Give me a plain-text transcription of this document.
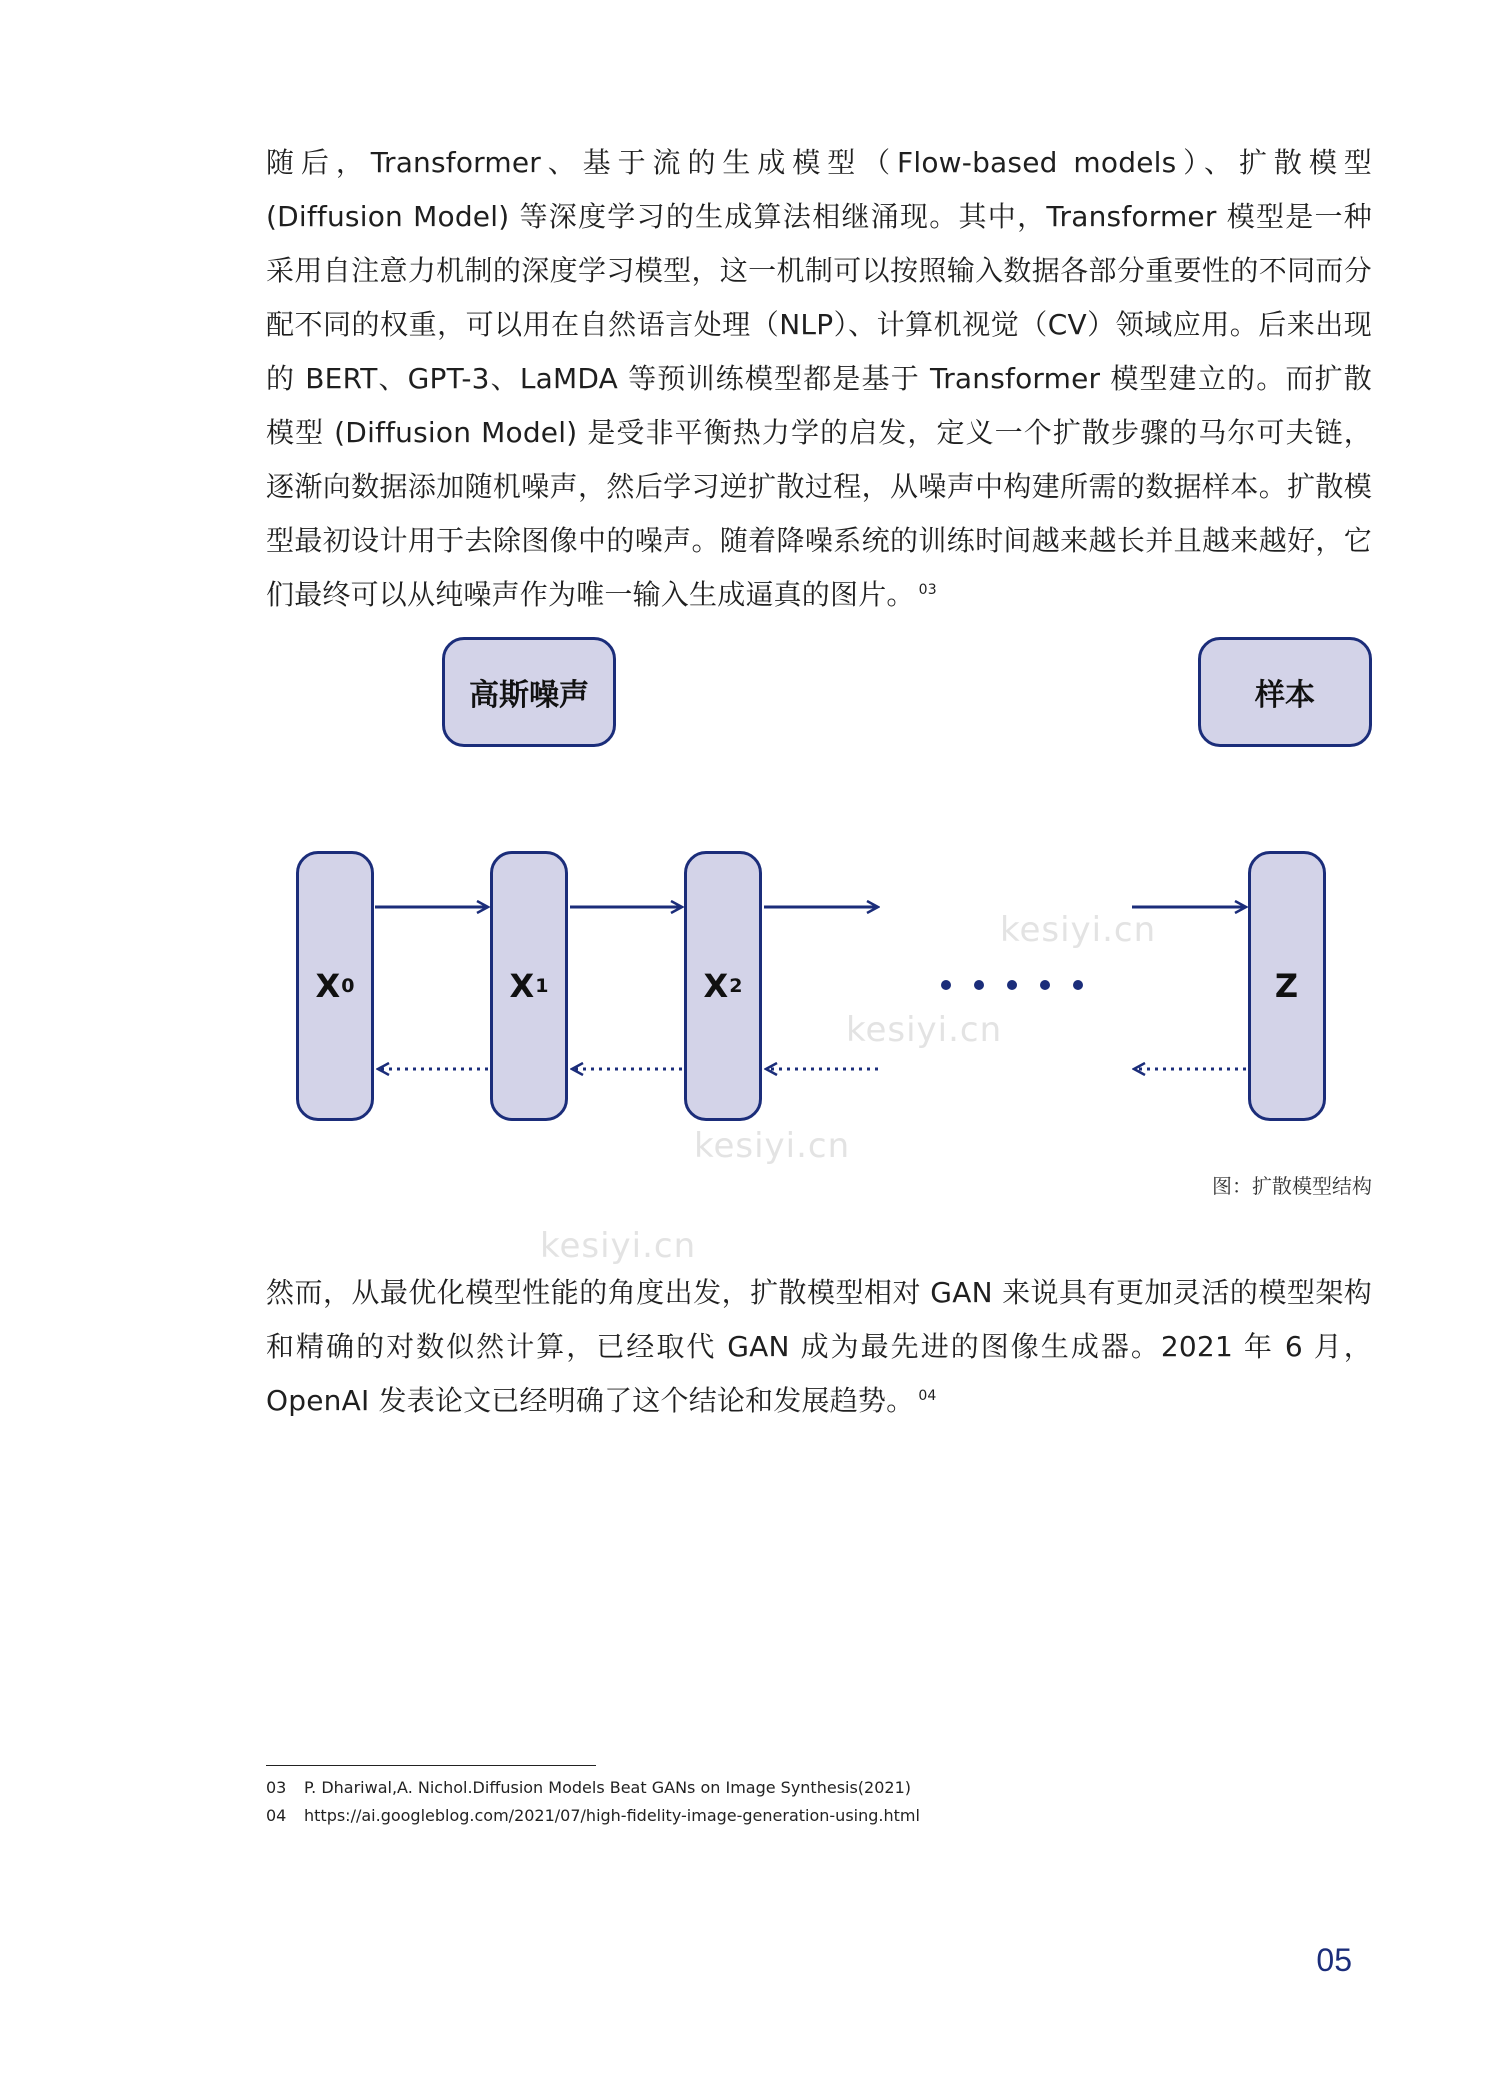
随后，Transformer、基于流的生成模型（Flow-based models）、扩散模型 (Diffusion Model) 等深度学习的生成算法相继涌现。其中，Transformer 模型是一种采用自注意力机制的深度学习模型，这一机制可以按照输入数据各部分重要性的不同而分配不同的权重，可以用在自然语言处理（NLP）、计算机视觉（CV）领域应用。后来出现的 BERT、GPT-3、LaMDA 等预训练模型都是基于 Transformer 模型建立的。而扩散模型 (Diffusion Model) 是受非平衡热力学的启发，定义一个扩散步骤的马尔可夫链，逐渐向数据添加随机噪声，然后学习逆扩散过程，从噪声中构建所需的数据样本。扩散模型最初设计用于去除图像中的噪声。随着降噪系统的训练时间越来越长并且越来越好，它们最终可以从纯噪声作为唯一输入生成逼真的图片。 $^{03}$

kesiyi.cn
kesiyi.cn
kesiyi.cn
kesiyi.cn
高斯噪声	样本
X 0	X 1	X 2	Z
图：扩散模型结构

然而，从最优化模型性能的角度出发，扩散模型相对 GAN 来说具有更加灵活的模型架构和精确的对数似然计算，已经取代 GAN 成为最先进的图像生成器。2021 年 6 月，OpenAI 发表论文已经明确了这个结论和发展趋势。 $^{04}$

03 P. Dhariwal,A. Nichol.Diffusion Models Beat GANs on Image Synthesis(2021)
04 https://ai.googleblog.com/2021/07/high-fidelity-image-generation-using.html
05
